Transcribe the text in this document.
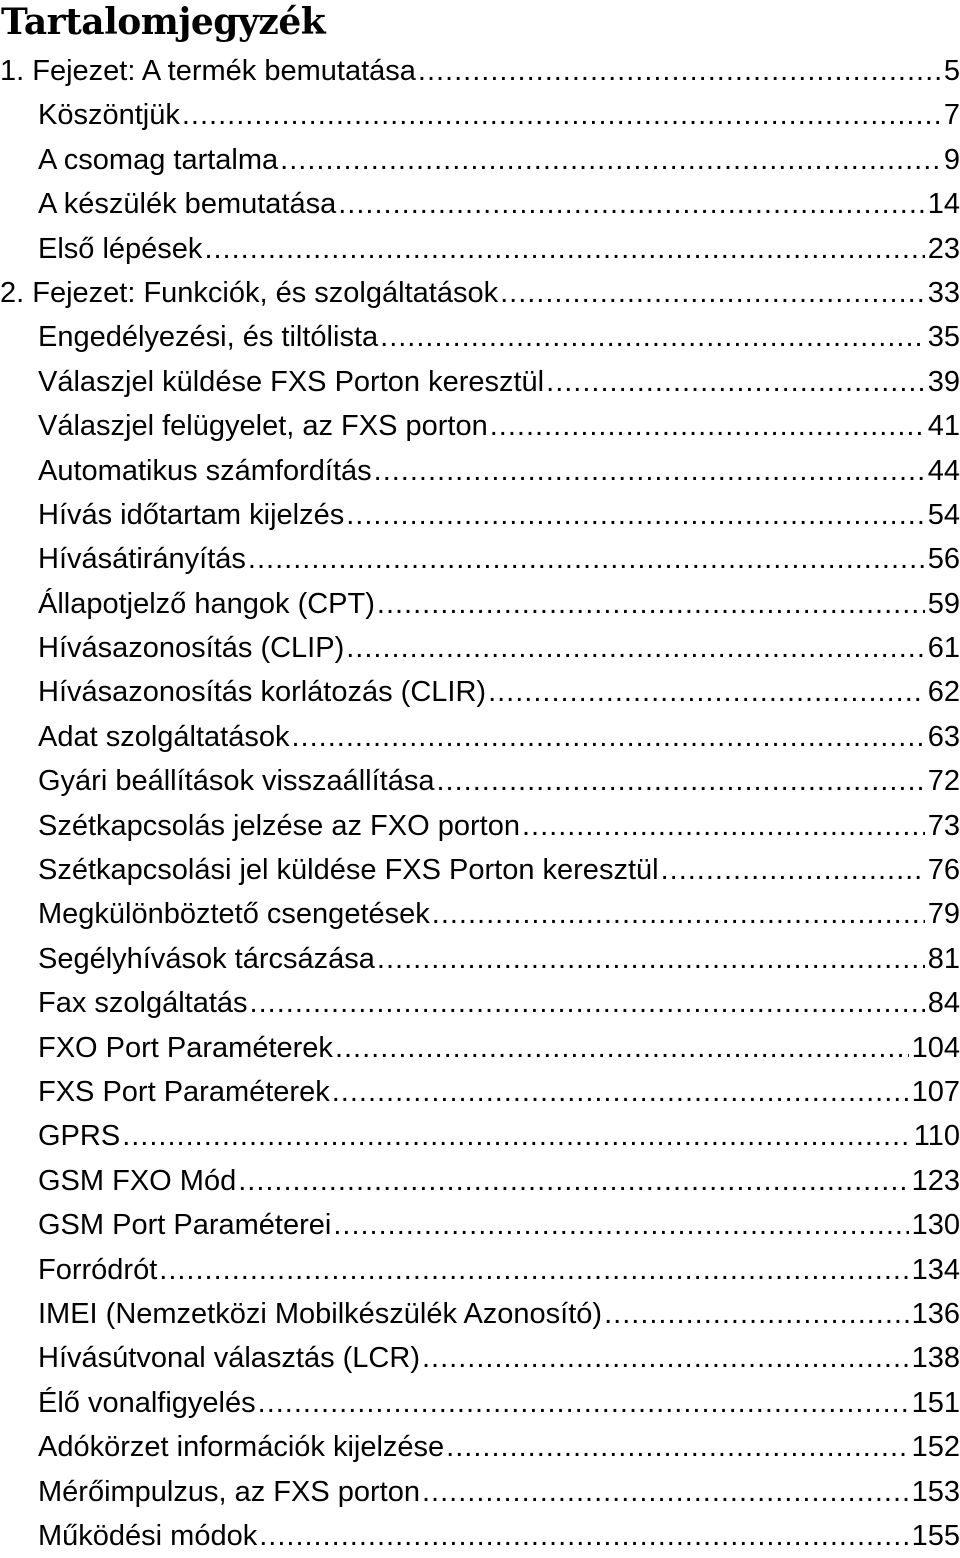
Tartalomjegyzék
1. Fejezet: A termék bemutatása .....	5
Köszöntjük .....	7
A csomag tartalma .....	9
A készülék bemutatása .....	14
Első lépések .....	23
2. Fejezet: Funkciók, és szolgáltatások .....	33
Engedélyezési, és tiltólista .....	35
Válaszjel küldése FXS Porton keresztül .....	39
Válaszjel felügyelet, az FXS porton .....	41
Automatikus számfordítás .....	44
Hívás időtartam kijelzés .....	54
Hívásátirányítás .....	56
Állapotjelző hangok (CPT) .....	59
Hívásazonosítás (CLIP) .....	61
Hívásazonosítás korlátozás (CLIR) .....	62
Adat szolgáltatások .....	63
Gyári beállítások visszaállítása .....	72
Szétkapcsolás jelzése az FXO porton .....	73
Szétkapcsolási jel küldése FXS Porton keresztül .....	76
Megkülönböztető csengetések .....	79
Segélyhívások tárcsázása .....	81
Fax szolgáltatás .....	84
FXO Port Paraméterek .....	104
FXS Port Paraméterek .....	107
GPRS .....	110
GSM FXO Mód .....	123
GSM Port Paraméterei .....	130
Forródrót .....	134
IMEI (Nemzetközi Mobilkészülék Azonosító) .....	136
Hívásútvonal választás (LCR) .....	138
Élő vonalfigyelés .....	151
Adókörzet információk kijelzése .....	152
Mérőimpulzus, az FXS porton .....	153
Működési módok .....	155
